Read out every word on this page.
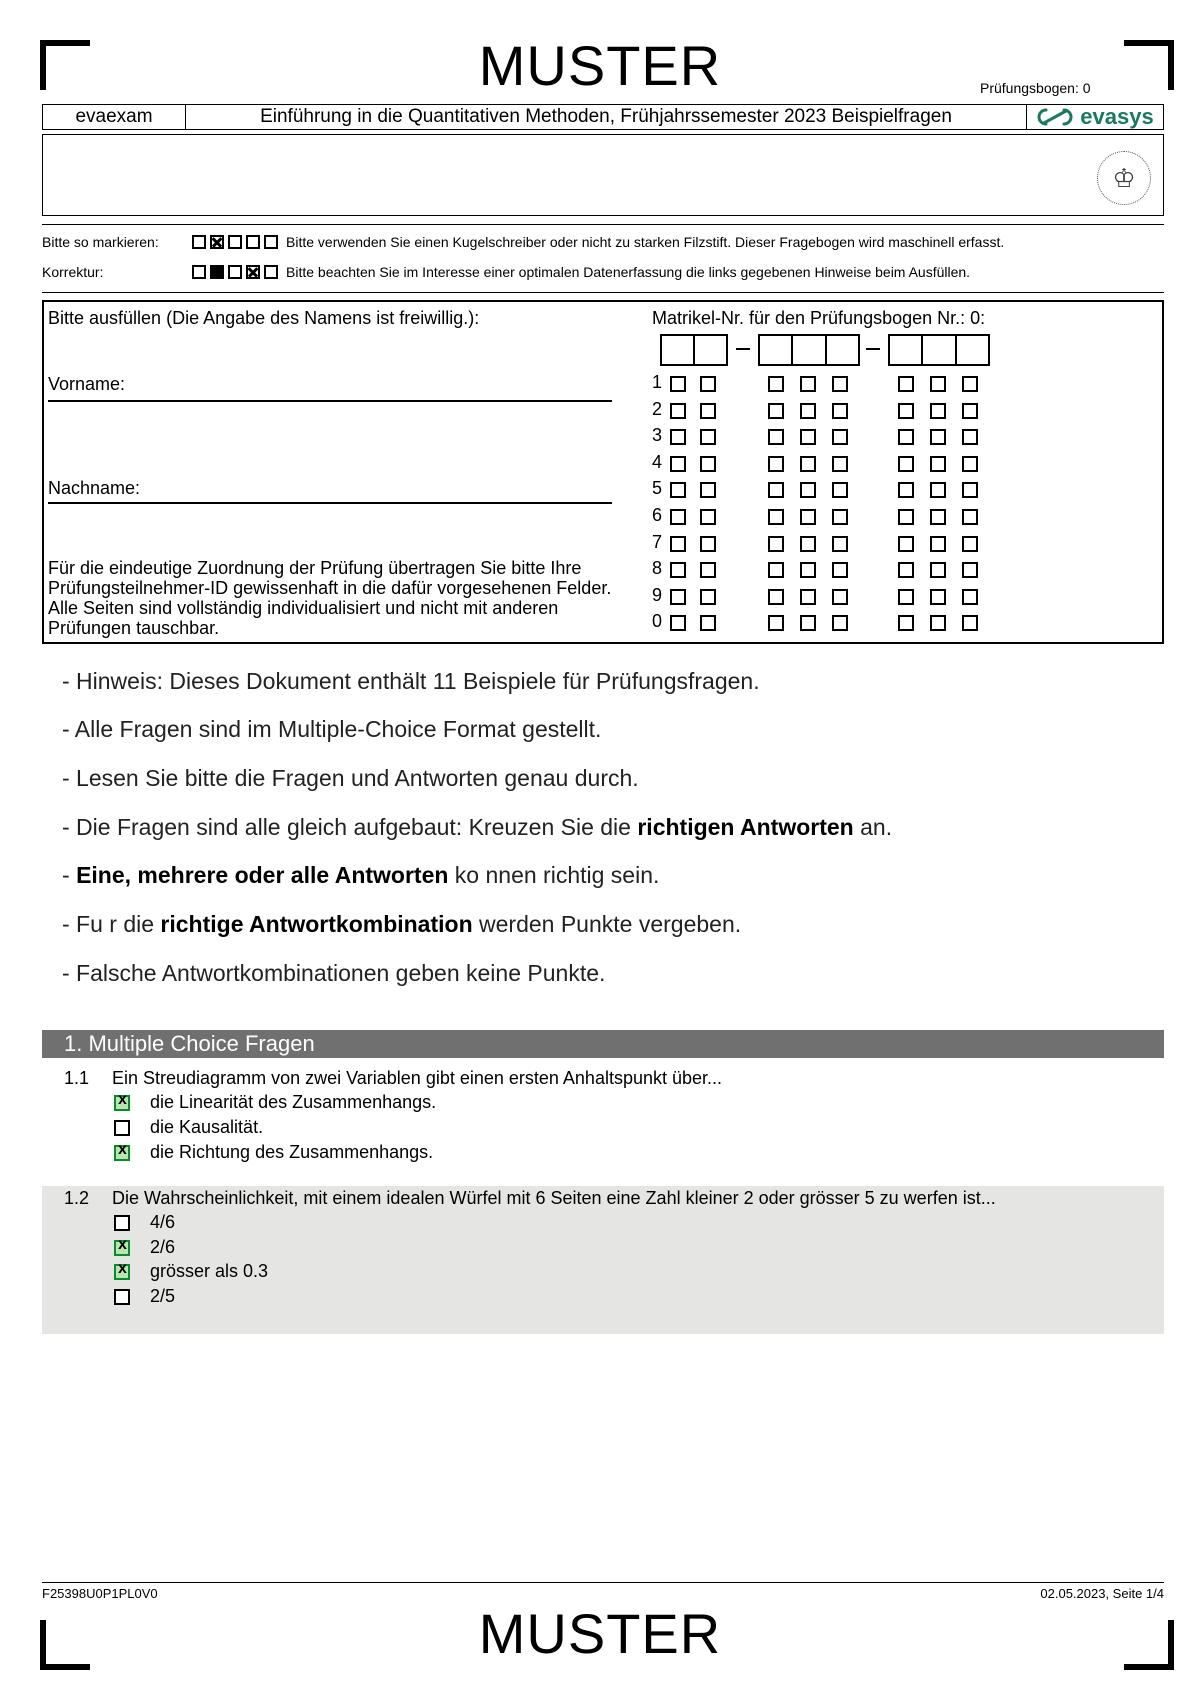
MUSTER	Prüfungsbogen: 0
evaexam	Einführung in die Quantitativen Methoden, Frühjahrssemester 2023 Beispielfragen	evasys
♔
Bitte so markieren:	Bitte verwenden Sie einen Kugelschreiber oder nicht zu starken Filzstift. Dieser Fragebogen wird maschinell erfasst.
Korrektur:	Bitte beachten Sie im Interesse einer optimalen Datenerfassung die links gegebenen Hinweise beim Ausfüllen.
Bitte ausfüllen (Die Angabe des Namens ist freiwillig.):
Vorname:
Nachname:
Für die eindeutige Zuordnung der Prüfung übertragen Sie bitte Ihre Prüfungsteilnehmer-ID gewissenhaft in die dafür vorgesehenen Felder. Alle Seiten sind vollständig individualisiert und nicht mit anderen Prüfungen tauschbar.
Matrikel-Nr. für den Prüfungsbogen Nr.: 0:
1
2
3
4
5
6
7
8
9
0
- Hinweis: Dieses Dokument enthält 11 Beispiele für Prüfungsfragen.
- Alle Fragen sind im Multiple-Choice Format gestellt.
- Lesen Sie bitte die Fragen und Antworten genau durch.
- Die Fragen sind alle gleich aufgebaut: Kreuzen Sie die richtigen Antworten an.
- Eine, mehrere oder alle Antworten ko nnen richtig sein.
- Fu r die richtige Antwortkombination werden Punkte vergeben.
- Falsche Antwortkombinationen geben keine Punkte.
1. Multiple Choice Fragen
1.1 Ein Streudiagramm von zwei Variablen gibt einen ersten Anhaltspunkt über...
x
die Linearität des Zusammenhangs.
die Kausalität.
x
die Richtung des Zusammenhangs.
1.2 Die Wahrscheinlichkeit, mit einem idealen Würfel mit 6 Seiten eine Zahl kleiner 2 oder grösser 5 zu werfen ist...
4/6
x
2/6
x
grösser als 0.3
2/5
F25398U0P1PL0V0	02.05.2023, Seite 1/4
MUSTER
